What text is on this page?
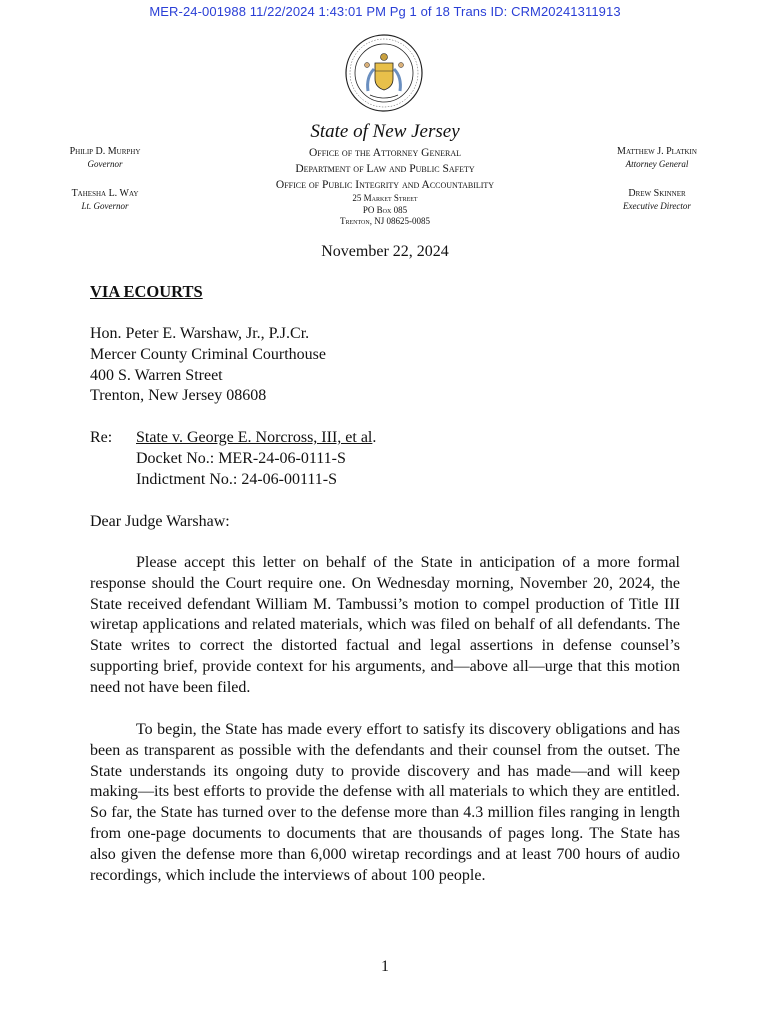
MER-24-001988 11/22/2024 1:43:01 PM Pg 1 of 18 Trans ID: CRM20241311913
State of New Jersey
Philip D. Murphy
Governor
Tahesha L. Way
Lt. Governor
Office of the Attorney General
Department of Law and Public Safety
Office of Public Integrity and Accountability
25 Market Street
PO Box 085
Trenton, NJ 08625-0085
Matthew J. Platkin
Attorney General
Drew Skinner
Executive Director
November 22, 2024
VIA ECOURTS
Hon. Peter E. Warshaw, Jr., P.J.Cr.
Mercer County Criminal Courthouse
400 S. Warren Street
Trenton, New Jersey 08608
Re:	State v. George E. Norcross, III, et al.
Docket No.: MER-24-06-0111-S
Indictment No.: 24-06-00111-S
Dear Judge Warshaw:
Please accept this letter on behalf of the State in anticipation of a more formal response should the Court require one. On Wednesday morning, November 20, 2024, the State received defendant William M. Tambussi’s motion to compel production of Title III wiretap applications and related materials, which was filed on behalf of all defendants. The State writes to correct the distorted factual and legal assertions in defense counsel’s supporting brief, provide context for his arguments, and—above all—urge that this motion need not have been filed.
To begin, the State has made every effort to satisfy its discovery obligations and has been as transparent as possible with the defendants and their counsel from the outset. The State understands its ongoing duty to provide discovery and has made—and will keep making—its best efforts to provide the defense with all materials to which they are entitled. So far, the State has turned over to the defense more than 4.3 million files ranging in length from one-page documents to documents that are thousands of pages long. The State has also given the defense more than 6,000 wiretap recordings and at least 700 hours of audio recordings, which include the interviews of about 100 people.
1
